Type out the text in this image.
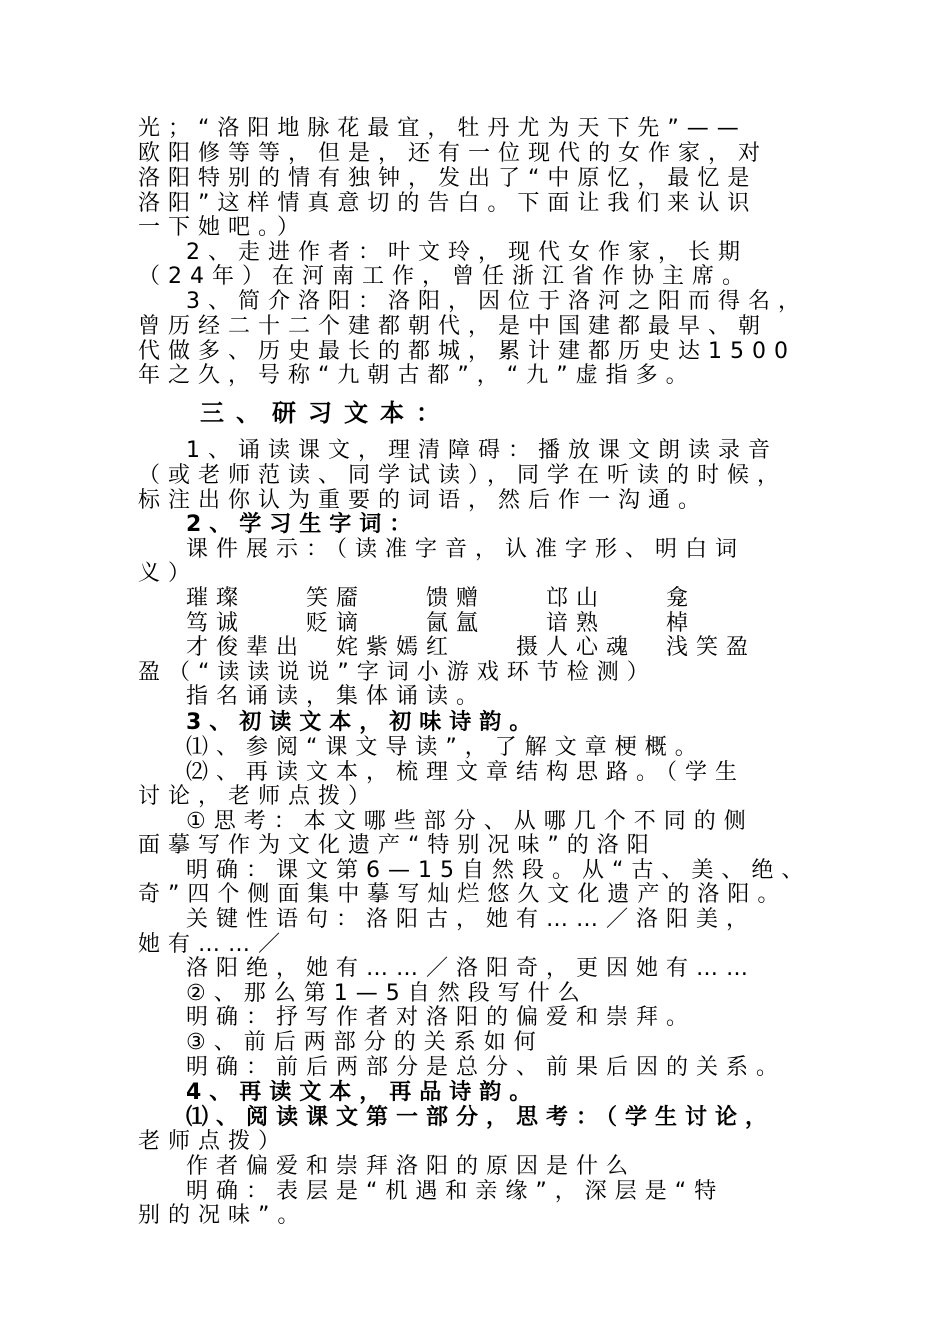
光；“洛阳地脉花最宜，牡丹尤为天下先”——
欧阳修等等，但是，还有一位现代的女作家，对
洛阳特别的情有独钟，发出了“中原忆，最忆是
洛阳”这样情真意切的告白。下面让我们来认识
一下她吧。）
2、走进作者：叶文玲，现代女作家，长期
（24年）在河南工作，曾任浙江省作协主席。
3、简介洛阳：洛阳，因位于洛河之阳而得名，
曾历经二十二个建都朝代，是中国建都最早、朝
代做多、历史最长的都城，累计建都历史达1500
年之久，号称“九朝古都”，“九”虚指多。
三、研习文本：
1、诵读课文，理清障碍：播放课文朗读录音
（或老师范读、同学试读），同学在听读的时候，
标注出你认为重要的词语，然后作一沟通。
2、学习生字词：
课件展示：（读准字音，认准字形、明白词
义）
璀璨　　笑靥　　馈赠　　邙山　　龛
笃诚　　贬谪　　氤氲　　谙熟　　棹
才俊辈出　姹紫嫣红　　摄人心魂　浅笑盈
盈（“读读说说”字词小游戏环节检测）
指名诵读，集体诵读。
3、初读文本，初味诗韵。
⑴、参阅“课文导读”，了解文章梗概。
⑵、再读文本，梳理文章结构思路。（学生
讨论，老师点拨）
①思考：本文哪些部分、从哪几个不同的侧
面摹写作为文化遗产“特别况味”的洛阳
明确：课文第6—15自然段。从“古、美、绝、
奇”四个侧面集中摹写灿烂悠久文化遗产的洛阳。
关键性语句：洛阳古，她有……／洛阳美，
她有……／
洛阳绝，她有……／洛阳奇，更因她有……
②、那么第1—5自然段写什么
明确：抒写作者对洛阳的偏爱和崇拜。
③、前后两部分的关系如何
明确：前后两部分是总分、前果后因的关系。
4、再读文本，再品诗韵。
⑴、阅读课文第一部分，思考：（学生讨论，
老师点拨）
作者偏爱和崇拜洛阳的原因是什么
明确：表层是“机遇和亲缘”，深层是“特
别的况味”。
